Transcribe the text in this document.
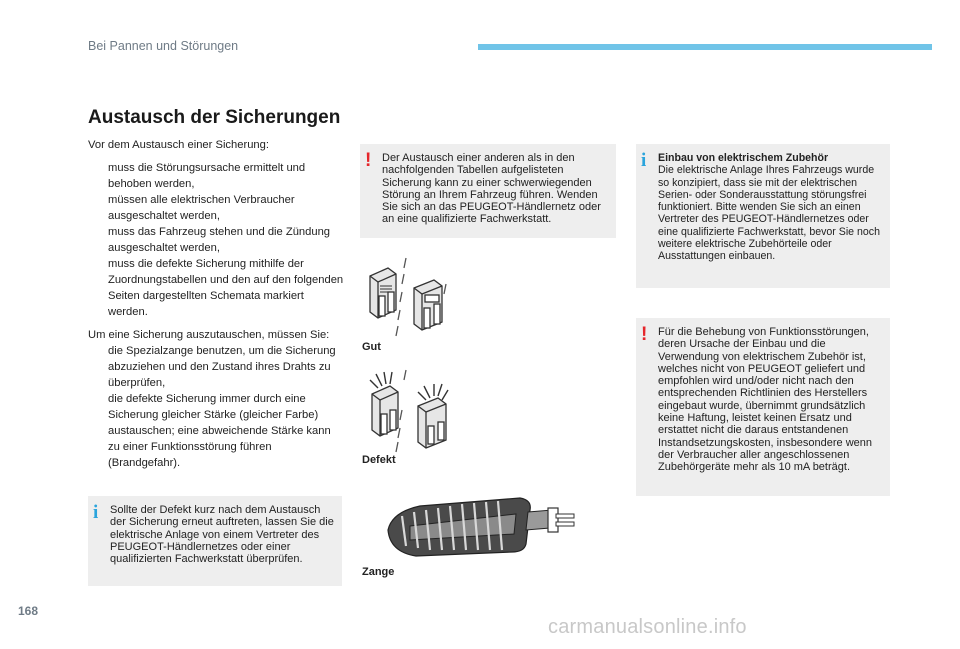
Bei Pannen und Störungen
Austausch der Sicherungen

Vor dem Austausch einer Sicherung:

muss die Störungsursache ermittelt und behoben werden,
müssen alle elektrischen Verbraucher ausgeschaltet werden,
muss das Fahrzeug stehen und die Zündung ausgeschaltet werden,
muss die defekte Sicherung mithilfe der Zuordnungstabellen und den auf den folgenden Seiten dargestellten Schemata markiert werden.

Um eine Sicherung auszutauschen, müssen Sie:

die Spezialzange benutzen, um die Sicherung abzuziehen und den Zustand ihres Drahts zu überprüfen,
die defekte Sicherung immer durch eine Sicherung gleicher Stärke (gleicher Farbe) austauschen; eine abweichende Stärke kann zu einer Funktionsstörung führen (Brandgefahr).
i Sollte der Defekt kurz nach dem Austausch der Sicherung erneut auftreten, lassen Sie die elektrische Anlage von einem Vertreter des PEUGEOT-Händlernetzes oder einer qualifizierten Fachwerkstatt überprüfen.
! Der Austausch einer anderen als in den nachfolgenden Tabellen aufgelisteten Sicherung kann zu einer schwerwiegenden Störung an Ihrem Fahrzeug führen. Wenden Sie sich an das PEUGEOT-Händlernetz oder an eine qualifizierte Fachwerkstatt.
Gut
Defekt
Zange
i Einbau von elektrischem Zubehör
Die elektrische Anlage Ihres Fahrzeugs wurde so konzipiert, dass sie mit der elektrischen Serien- oder Sonderausstattung störungsfrei funktioniert. Bitte wenden Sie sich an einen Vertreter des PEUGEOT-Händlernetzes oder eine qualifizierte Fachwerkstatt, bevor Sie noch weitere elektrische Zubehörteile oder Ausstattungen einbauen.
! Für die Behebung von Funktionsstörungen, deren Ursache der Einbau und die Verwendung von elektrischem Zubehör ist, welches nicht von PEUGEOT geliefert und empfohlen wird und/oder nicht nach den entsprechenden Richtlinien des Herstellers eingebaut wurde, übernimmt grundsätzlich keine Haftung, leistet keinen Ersatz und erstattet nicht die daraus entstandenen Instandsetzungskosten, insbesondere wenn der Verbraucher aller angeschlossenen Zubehörgeräte mehr als 10 mA beträgt.
168
carmanualsonline.info
